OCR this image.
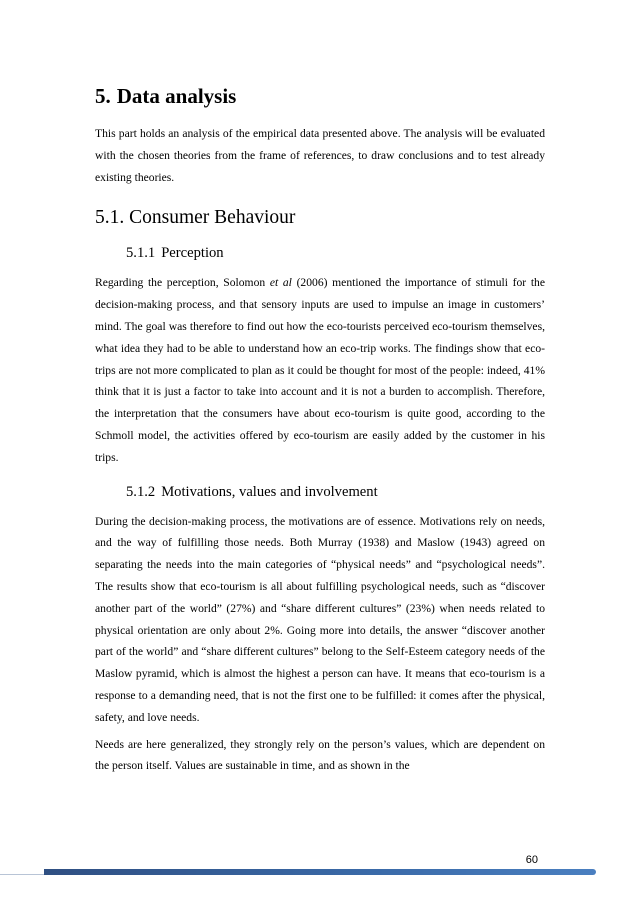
5. Data analysis

This part holds an analysis of the empirical data presented above. The analysis will be evaluated with the chosen theories from the frame of references, to draw conclusions and to test already existing theories.

5.1. Consumer Behaviour
5.1.1 Perception

Regarding the perception, Solomon et al (2006) mentioned the importance of stimuli for the decision-making process, and that sensory inputs are used to impulse an image in customers’ mind. The goal was therefore to find out how the eco-tourists perceived eco-tourism themselves, what idea they had to be able to understand how an eco-trip works. The findings show that eco-trips are not more complicated to plan as it could be thought for most of the people: indeed, 41% think that it is just a factor to take into account and it is not a burden to accomplish. Therefore, the interpretation that the consumers have about eco-tourism is quite good, according to the Schmoll model, the activities offered by eco-tourism are easily added by the customer in his trips.

5.1.2 Motivations, values and involvement

During the decision-making process, the motivations are of essence. Motivations rely on needs, and the way of fulfilling those needs. Both Murray (1938) and Maslow (1943) agreed on separating the needs into the main categories of “physical needs” and “psychological needs”. The results show that eco-tourism is all about fulfilling psychological needs, such as “discover another part of the world” (27%) and “share different cultures” (23%) when needs related to physical orientation are only about 2%. Going more into details, the answer “discover another part of the world” and “share different cultures” belong to the Self-Esteem category needs of the Maslow pyramid, which is almost the highest a person can have. It means that eco-tourism is a response to a demanding need, that is not the first one to be fulfilled: it comes after the physical, safety, and love needs.

Needs are here generalized, they strongly rely on the person’s values, which are dependent on the person itself. Values are sustainable in time, and as shown in the

60
